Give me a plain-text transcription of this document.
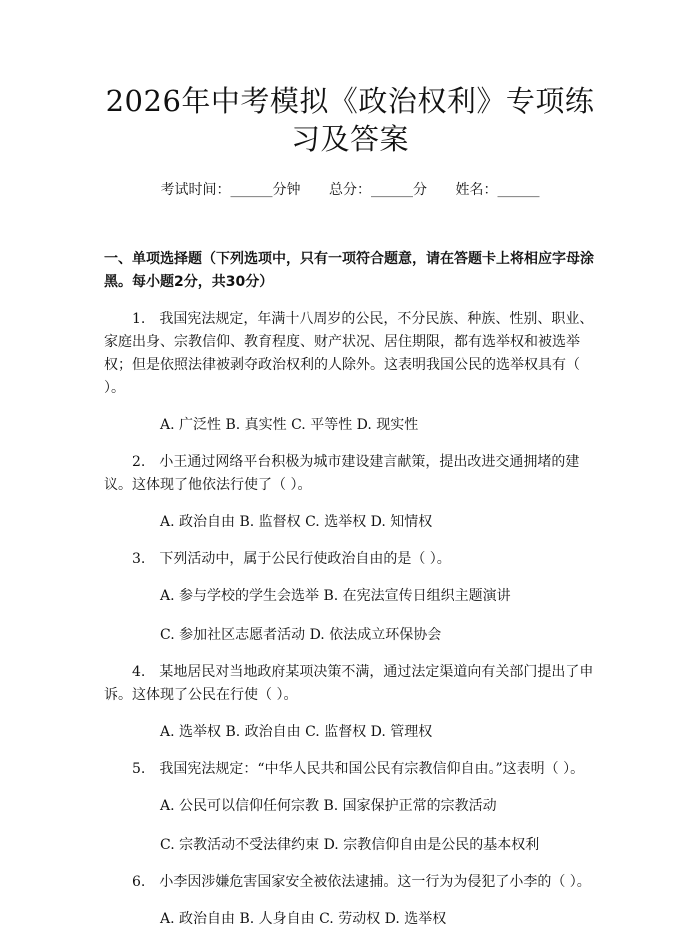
2026年中考模拟《政治权利》专项练习及答案
考试时间：______分钟 总分：______分 姓名：______
一、单项选择题（下列选项中，只有一项符合题意，请在答题卡上将相应字母涂黑。每小题2分，共30分）
1.　我国宪法规定，年满十八周岁的公民，不分民族、种族、性别、职业、家庭出身、宗教信仰、教育程度、财产状况、居住期限，都有选举权和被选举权；但是依照法律被剥夺政治权利的人除外。这表明我国公民的选举权具有（ ）。
A. 广泛性 B. 真实性 C. 平等性 D. 现实性
2.　小王通过网络平台积极为城市建设建言献策，提出改进交通拥堵的建议。这体现了他依法行使了（ ）。
A. 政治自由 B. 监督权 C. 选举权 D. 知情权
3.　下列活动中，属于公民行使政治自由的是（ ）。
A. 参与学校的学生会选举 B. 在宪法宣传日组织主题演讲
C. 参加社区志愿者活动 D. 依法成立环保协会
4.　某地居民对当地政府某项决策不满，通过法定渠道向有关部门提出了申诉。这体现了公民在行使（ ）。
A. 选举权 B. 政治自由 C. 监督权 D. 管理权
5.　我国宪法规定：“中华人民共和国公民有宗教信仰自由。”这表明（ ）。
A. 公民可以信仰任何宗教 B. 国家保护正常的宗教活动
C. 宗教活动不受法律约束 D. 宗教信仰自由是公民的基本权利
6.　小李因涉嫌危害国家安全被依法逮捕。这一行为为侵犯了小李的（ ）。
A. 政治自由 B. 人身自由 C. 劳动权 D. 选举权
